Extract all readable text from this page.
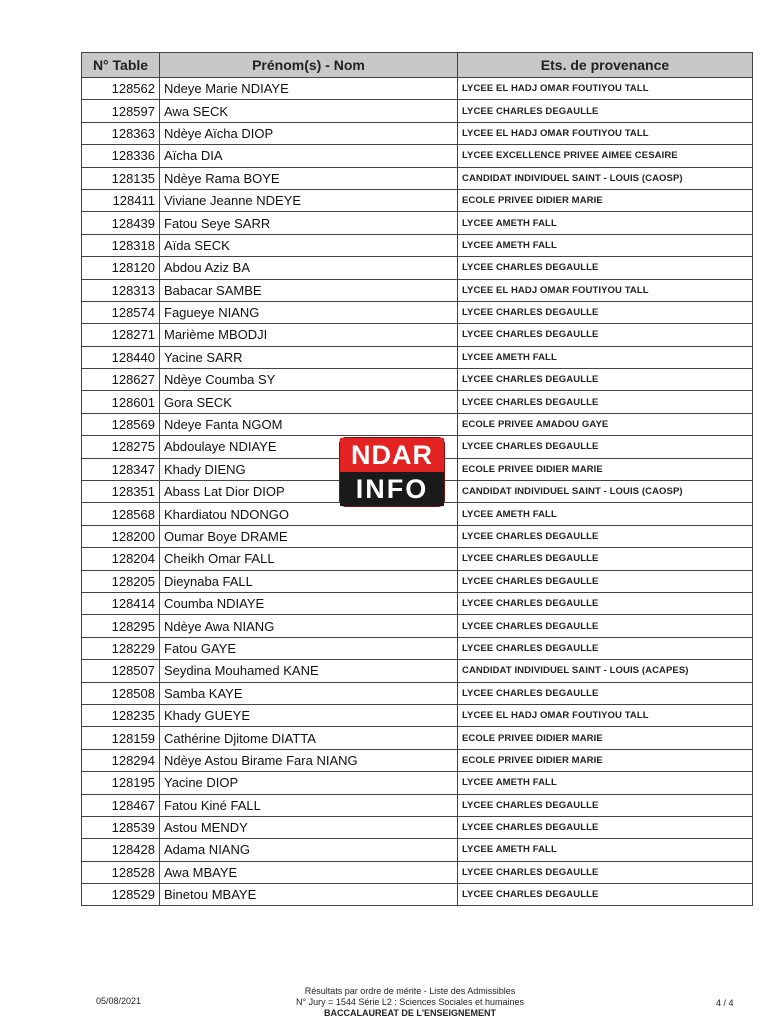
N° Table	Prénom(s) - Nom	Ets. de provenance
128562	Ndeye Marie NDIAYE	LYCEE EL HADJ OMAR FOUTIYOU TALL
128597	Awa SECK	LYCEE CHARLES DEGAULLE
128363	Ndèye Aïcha DIOP	LYCEE EL HADJ OMAR FOUTIYOU TALL
128336	Aïcha DIA	LYCEE EXCELLENCE PRIVEE AIMEE CESAIRE
128135	Ndèye Rama BOYE	CANDIDAT INDIVIDUEL SAINT - LOUIS (CAOSP)
128411	Viviane Jeanne NDEYE	ECOLE PRIVEE DIDIER MARIE
128439	Fatou Seye SARR	LYCEE AMETH FALL
128318	Aïda SECK	LYCEE AMETH FALL
128120	Abdou Aziz BA	LYCEE CHARLES DEGAULLE
128313	Babacar SAMBE	LYCEE EL HADJ OMAR FOUTIYOU TALL
128574	Fagueye NIANG	LYCEE CHARLES DEGAULLE
128271	Marième MBODJI	LYCEE CHARLES DEGAULLE
128440	Yacine SARR	LYCEE AMETH FALL
128627	Ndèye Coumba SY	LYCEE CHARLES DEGAULLE
128601	Gora SECK	LYCEE CHARLES DEGAULLE
128569	Ndeye Fanta NGOM	ECOLE PRIVEE AMADOU GAYE
128275	Abdoulaye NDIAYE	LYCEE CHARLES DEGAULLE
128347	Khady DIENG	ECOLE PRIVEE DIDIER MARIE
128351	Abass Lat Dior DIOP	CANDIDAT INDIVIDUEL SAINT - LOUIS (CAOSP)
128568	Khardiatou NDONGO	LYCEE AMETH FALL
128200	Oumar Boye DRAME	LYCEE CHARLES DEGAULLE
128204	Cheikh Omar FALL	LYCEE CHARLES DEGAULLE
128205	Dieynaba FALL	LYCEE CHARLES DEGAULLE
128414	Coumba NDIAYE	LYCEE CHARLES DEGAULLE
128295	Ndèye Awa NIANG	LYCEE CHARLES DEGAULLE
128229	Fatou GAYE	LYCEE CHARLES DEGAULLE
128507	Seydina Mouhamed KANE	CANDIDAT INDIVIDUEL SAINT - LOUIS (ACAPES)
128508	Samba KAYE	LYCEE CHARLES DEGAULLE
128235	Khady GUEYE	LYCEE EL HADJ OMAR FOUTIYOU TALL
128159	Cathérine Djitome DIATTA	ECOLE PRIVEE DIDIER MARIE
128294	Ndèye Astou Birame Fara NIANG	ECOLE PRIVEE DIDIER MARIE
128195	Yacine DIOP	LYCEE AMETH FALL
128467	Fatou Kiné FALL	LYCEE CHARLES DEGAULLE
128539	Astou MENDY	LYCEE CHARLES DEGAULLE
128428	Adama NIANG	LYCEE AMETH FALL
128528	Awa MBAYE	LYCEE CHARLES DEGAULLE
128529	Binetou MBAYE	LYCEE CHARLES DEGAULLE
NDAR
INFO
05/08/2021
Résultats par ordre de mérite - Liste des Admissibles
N° Jury = 1544 Série L2 : Sciences Sociales et humaines
BACCALAUREAT DE L'ENSEIGNEMENT
4 / 4
